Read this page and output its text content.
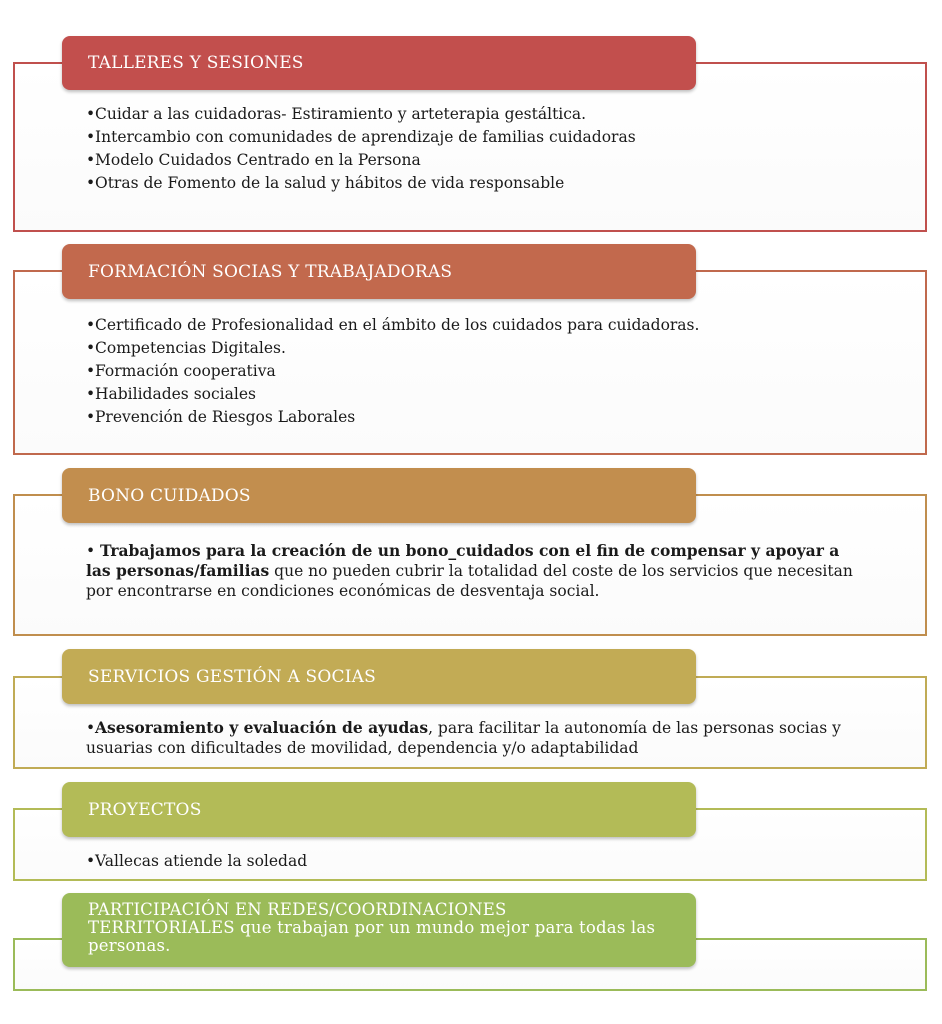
TALLERES Y SESIONES
•Cuidar a las cuidadoras- Estiramiento y arteterapia gestáltica.
•Intercambio con comunidades de aprendizaje de familias cuidadoras
•Modelo Cuidados Centrado en la Persona
•Otras de Fomento de la salud y hábitos de vida responsable
FORMACIÓN SOCIAS Y TRABAJADORAS
•Certificado de Profesionalidad en el ámbito de los cuidados para cuidadoras.
•Competencias Digitales.
•Formación cooperativa
•Habilidades sociales
•Prevención de Riesgos Laborales
BONO CUIDADOS
• Trabajamos para la creación de un bono_cuidados con el fin de compensar y apoyar a las personas/familias que no pueden cubrir la totalidad del coste de los servicios que necesitan por encontrarse en condiciones económicas de desventaja social.
SERVICIOS GESTIÓN A SOCIAS
•Asesoramiento y evaluación de ayudas, para facilitar la autonomía de las personas socias y usuarias con dificultades de movilidad, dependencia y/o adaptabilidad
PROYECTOS
•Vallecas atiende la soledad
PARTICIPACIÓN EN REDES/COORDINACIONES TERRITORIALES que trabajan por un mundo mejor para todas las personas.
